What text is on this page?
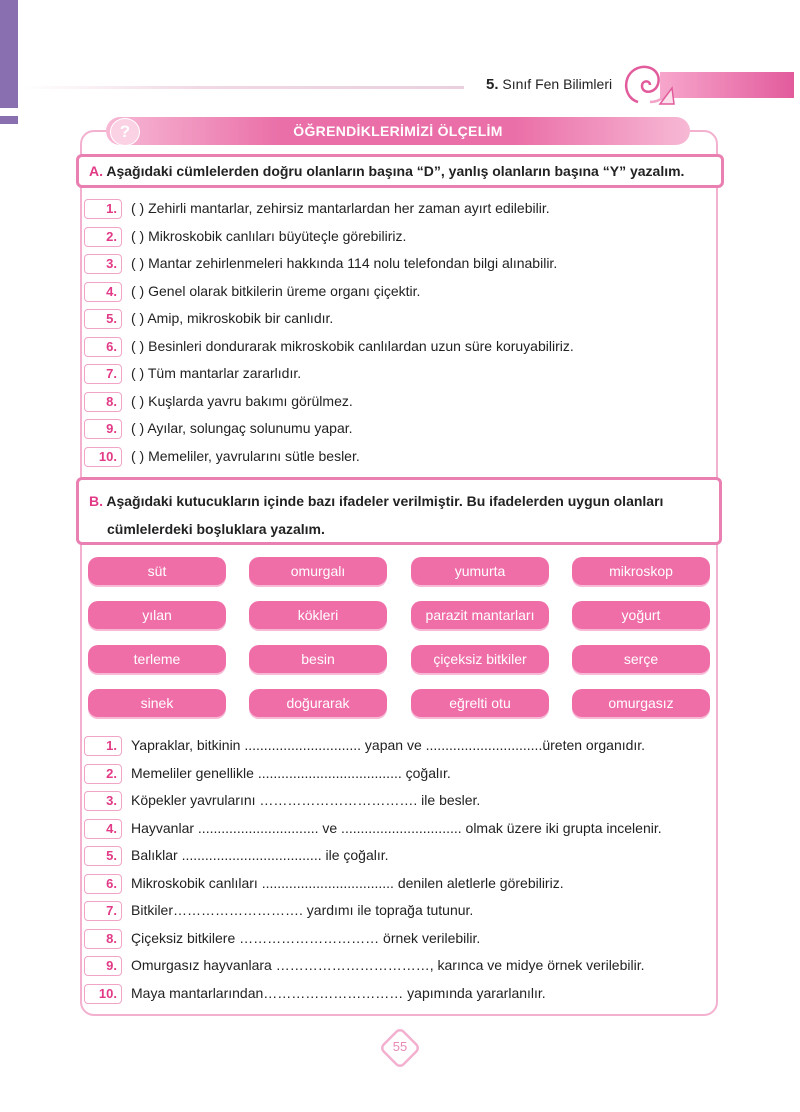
5. Sınıf Fen Bilimleri
ÖĞRENDİKLERİMİZİ ÖLÇELİM
?
A. Aşağıdaki cümlelerden doğru olanların başına “D”, yanlış olanların başına “Y” yazalım.
1.	( ) Zehirli mantarlar, zehirsiz mantarlardan her zaman ayırt edilebilir.
2.	( ) Mikroskobik canlıları büyüteçle görebiliriz.
3.	( ) Mantar zehirlenmeleri hakkında 114 nolu telefondan bilgi alınabilir.
4.	( ) Genel olarak bitkilerin üreme organı çiçektir.
5.	( ) Amip, mikroskobik bir canlıdır.
6.	( ) Besinleri dondurarak mikroskobik canlılardan uzun süre koruyabiliriz.
7.	( ) Tüm mantarlar zararlıdır.
8.	( ) Kuşlarda yavru bakımı görülmez.
9.	( ) Ayılar, solungaç solunumu yapar.
10.	( ) Memeliler, yavrularını sütle besler.
B. Aşağıdaki kutucukların içinde bazı ifadeler verilmiştir. Bu ifadelerden uygun olanları
cümlelerdeki boşluklara yazalım.
süt	omurgalı	yumurta	mikroskop
yılan	kökleri	parazit mantarları	yoğurt
terleme	besin	çiçeksiz bitkiler	serçe
sinek	doğurarak	eğrelti otu	omurgasız
1.	Yapraklar, bitkinin .............................. yapan ve ..............................üreten organıdır.
2.	Memeliler genellikle ..................................... çoğalır.
3.	Köpekler yavrularını ……………………………. ile besler.
4.	Hayvanlar ............................... ve ............................... olmak üzere iki grupta incelenir.
5.	Balıklar .................................... ile çoğalır.
6.	Mikroskobik canlıları .................................. denilen aletlerle görebiliriz.
7.	Bitkiler………………………. yardımı ile toprağa tutunur.
8.	Çiçeksiz bitkilere ………………………… örnek verilebilir.
9.	Omurgasız hayvanlara ……………………………, karınca ve midye örnek verilebilir.
10.	Maya mantarlarından………………………… yapımında yararlanılır.
55
